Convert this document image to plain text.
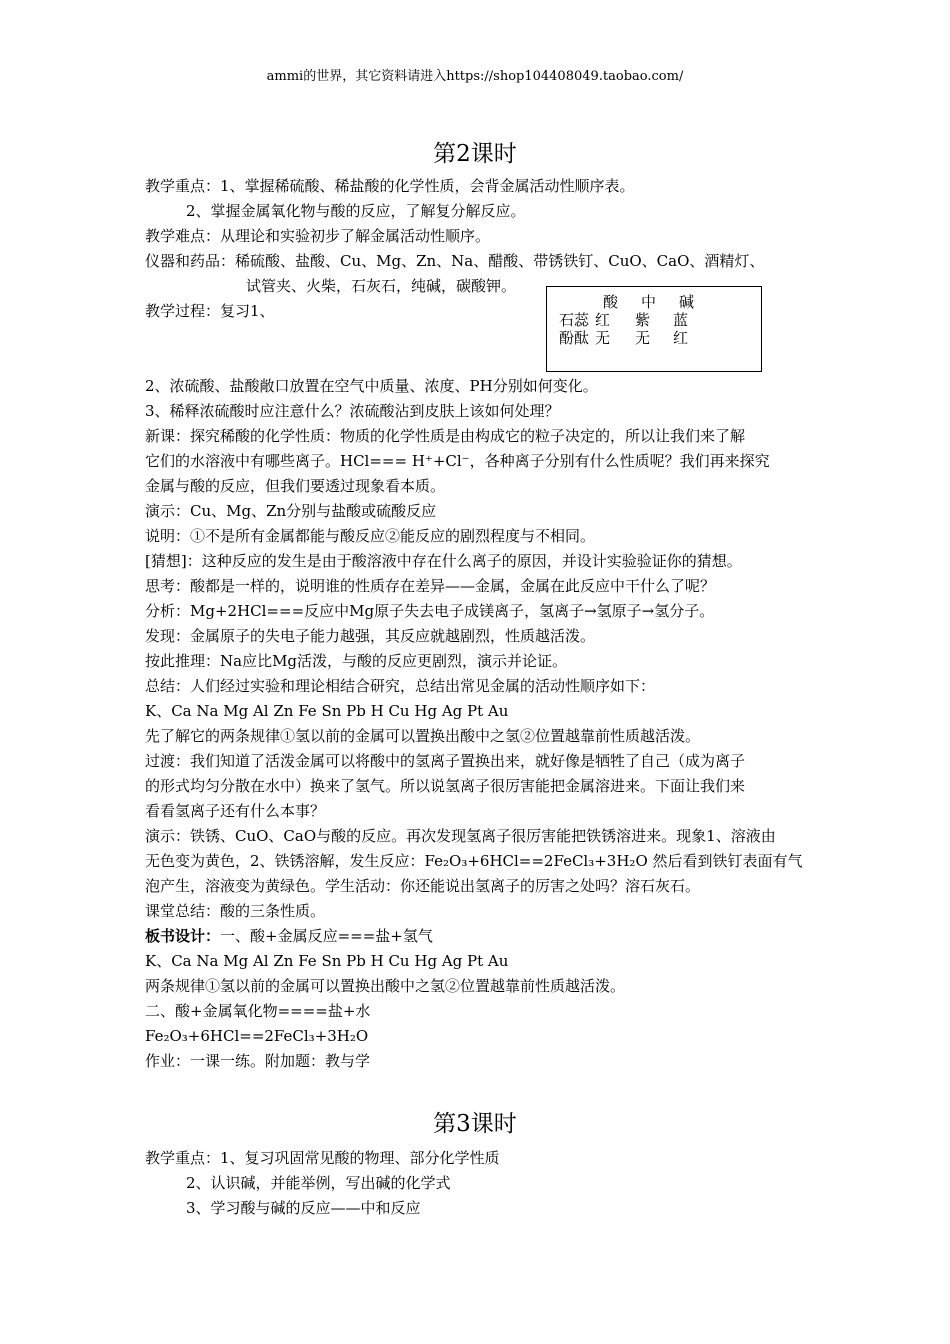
ammi的世界，其它资料请进入https://shop104408049.taobao.com/
第2课时
教学重点：1、掌握稀硫酸、稀盐酸的化学性质，会背金属活动性顺序表。
2、掌握金属氧化物与酸的反应，了解复分解反应。
教学难点：从理论和实验初步了解金属活动性顺序。
仪器和药品：稀硫酸、盐酸、Cu、Mg、Zn、Na、醋酸、带锈铁钉、CuO、CaO、酒精灯、
试管夹、火柴，石灰石，纯碱，碳酸钾。
教学过程：复习1、	酸 中 碱
石蕊 红 紫 蓝
酚酞 无 无 红
2、浓硫酸、盐酸敞口放置在空气中质量、浓度、PH分别如何变化。
3、稀释浓硫酸时应注意什么？浓硫酸沾到皮肤上该如何处理？
新课：探究稀酸的化学性质：物质的化学性质是由构成它的粒子决定的，所以让我们来了解
它们的水溶液中有哪些离子。HCl=== H⁺+Cl⁻，各种离子分别有什么性质呢？我们再来探究
金属与酸的反应，但我们要透过现象看本质。
演示：Cu、Mg、Zn分别与盐酸或硫酸反应
说明：①不是所有金属都能与酸反应②能反应的剧烈程度与不相同。
[猜想]：这种反应的发生是由于酸溶液中存在什么离子的原因，并设计实验验证你的猜想。
思考：酸都是一样的，说明谁的性质存在差异——金属，金属在此反应中干什么了呢？
分析：Mg+2HCl===反应中Mg原子失去电子成镁离子，氢离子→氢原子→氢分子。
发现：金属原子的失电子能力越强，其反应就越剧烈，性质越活泼。
按此推理：Na应比Mg活泼，与酸的反应更剧烈，演示并论证。
总结：人们经过实验和理论相结合研究，总结出常见金属的活动性顺序如下：
K、Ca Na Mg Al Zn Fe Sn Pb H Cu Hg Ag Pt Au
先了解它的两条规律①氢以前的金属可以置换出酸中之氢②位置越靠前性质越活泼。
过渡：我们知道了活泼金属可以将酸中的氢离子置换出来，就好像是牺牲了自己（成为离子
的形式均匀分散在水中）换来了氢气。所以说氢离子很厉害能把金属溶进来。下面让我们来
看看氢离子还有什么本事？
演示：铁锈、CuO、CaO与酸的反应。再次发现氢离子很厉害能把铁锈溶进来。现象1、溶液由
无色变为黄色，2、铁锈溶解，发生反应：Fe₂O₃+6HCl==2FeCl₃+3H₂O 然后看到铁钉表面有气
泡产生，溶液变为黄绿色。学生活动：你还能说出氢离子的厉害之处吗？溶石灰石。
课堂总结：酸的三条性质。
板书设计：一、酸+金属反应===盐+氢气
K、Ca Na Mg Al Zn Fe Sn Pb H Cu Hg Ag Pt Au
两条规律①氢以前的金属可以置换出酸中之氢②位置越靠前性质越活泼。
二、酸+金属氧化物====盐+水
Fe₂O₃+6HCl==2FeCl₃+3H₂O
作业：一课一练。附加题：教与学
第3课时
教学重点：1、复习巩固常见酸的物理、部分化学性质
2、认识碱，并能举例，写出碱的化学式
3、学习酸与碱的反应——中和反应
